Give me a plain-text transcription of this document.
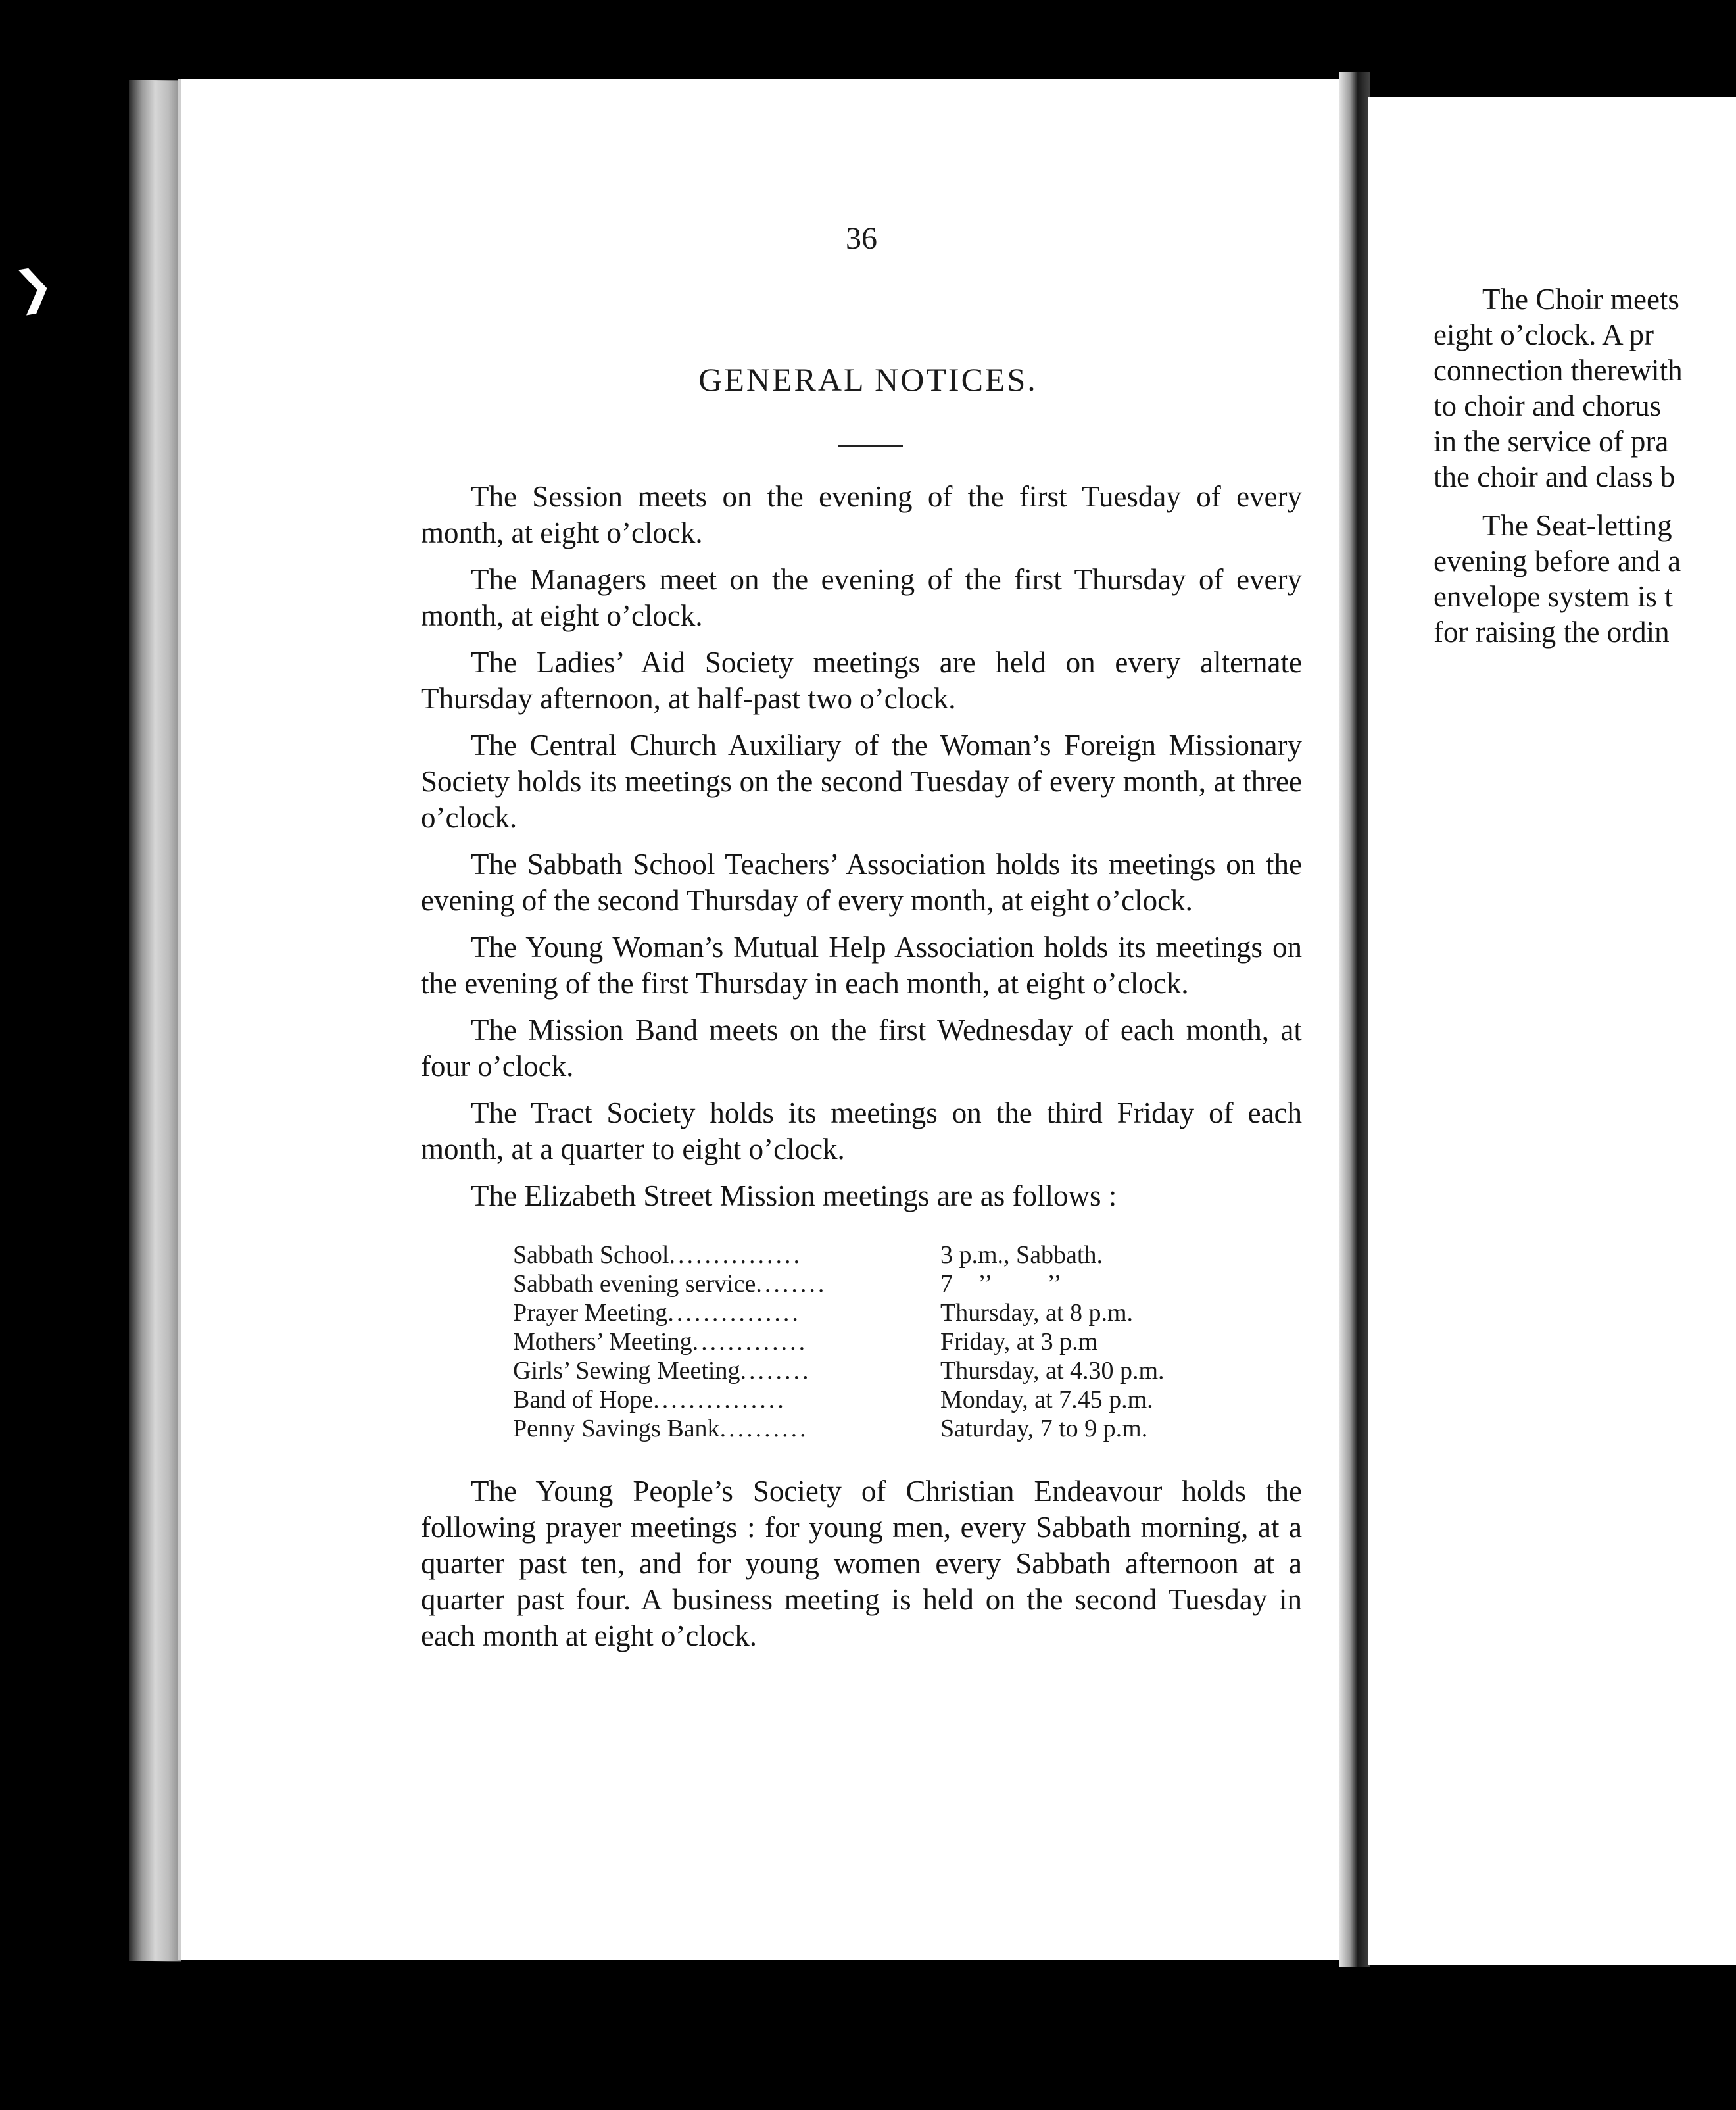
❯
36
GENERAL NOTICES.

The Session meets on the evening of the first Tuesday of every month, at eight o’clock.

The Managers meet on the evening of the first Thursday of every month, at eight o’clock.

The Ladies’ Aid Society meetings are held on every alternate Thursday afternoon, at half-past two o’clock.

The Central Church Auxiliary of the Woman’s Foreign Missionary Society holds its meetings on the second Tuesday of every month, at three o’clock.

The Sabbath School Teachers’ Association holds its meetings on the evening of the second Thursday of every month, at eight o’clock.

The Young Woman’s Mutual Help Association holds its meetings on the evening of the first Thursday in each month, at eight o’clock.

The Mission Band meets on the first Wednesday of each month, at four o’clock.

The Tract Society holds its meetings on the third Friday of each month, at a quarter to eight o’clock.

The Elizabeth Street Mission meetings are as follows :

Sabbath School...............	3 p.m., Sabbath.
Sabbath evening service........	7    ’’         ’’
Prayer Meeting...............	Thursday, at 8 p.m.
Mothers’ Meeting.............	Friday, at 3 p.m
Girls’ Sewing Meeting........	Thursday, at 4.30 p.m.
Band of Hope...............	Monday, at 7.45 p.m.
Penny Savings Bank..........	Saturday, 7 to 9 p.m.

The Young People’s Society of Christian Endeavour holds the following prayer meetings : for young men, every Sabbath morning, at a quarter past ten, and for young women every Sabbath afternoon at a quarter past four. A business meeting is held on the second Tuesday in each month at eight o’clock.

The Choir meets
eight o’clock. A pr
connection therewith
to choir and chorus
in the service of pra
the choir and class b
The Seat-letting
evening before and a
envelope system is t
for raising the ordin
